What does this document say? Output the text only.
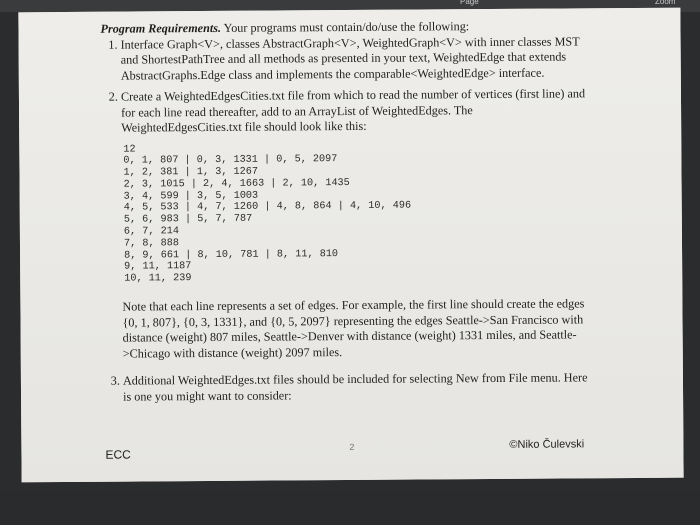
Page	Zoom

Program Requirements. Your programs must contain/do/use the following:

1. Interface Graph<V>, classes AbstractGraph<V>, WeightedGraph<V> with inner classes MST and ShortestPathTree and all methods as presented in your text, WeightedEdge that extends AbstractGraphs.Edge class and implements the comparable<WeightedEdge> interface.
2. Create a WeightedEdgesCities.txt file from which to read the number of vertices (first line) and for each line read thereafter, add to an ArrayList of WeightedEdges. The WeightedEdgesCities.txt file should look like this:
12
0, 1, 807 | 0, 3, 1331 | 0, 5, 2097
1, 2, 381 | 1, 3, 1267
2, 3, 1015 | 2, 4, 1663 | 2, 10, 1435
3, 4, 599 | 3, 5, 1003
4, 5, 533 | 4, 7, 1260 | 4, 8, 864 | 4, 10, 496
5, 6, 983 | 5, 7, 787
6, 7, 214
7, 8, 888
8, 9, 661 | 8, 10, 781 | 8, 11, 810
9, 11, 1187
10, 11, 239

Note that each line represents a set of edges. For example, the first line should create the edges {0, 1, 807}, {0, 3, 1331}, and {0, 5, 2097} representing the edges Seattle->San Francisco with distance (weight) 807 miles, Seattle->Denver with distance (weight) 1331 miles, and Seattle->Chicago with distance (weight) 2097 miles.

3. Additional WeightedEdges.txt files should be included for selecting New from File menu. Here is one you might want to consider:
ECC
2	©Niko Čulevski
